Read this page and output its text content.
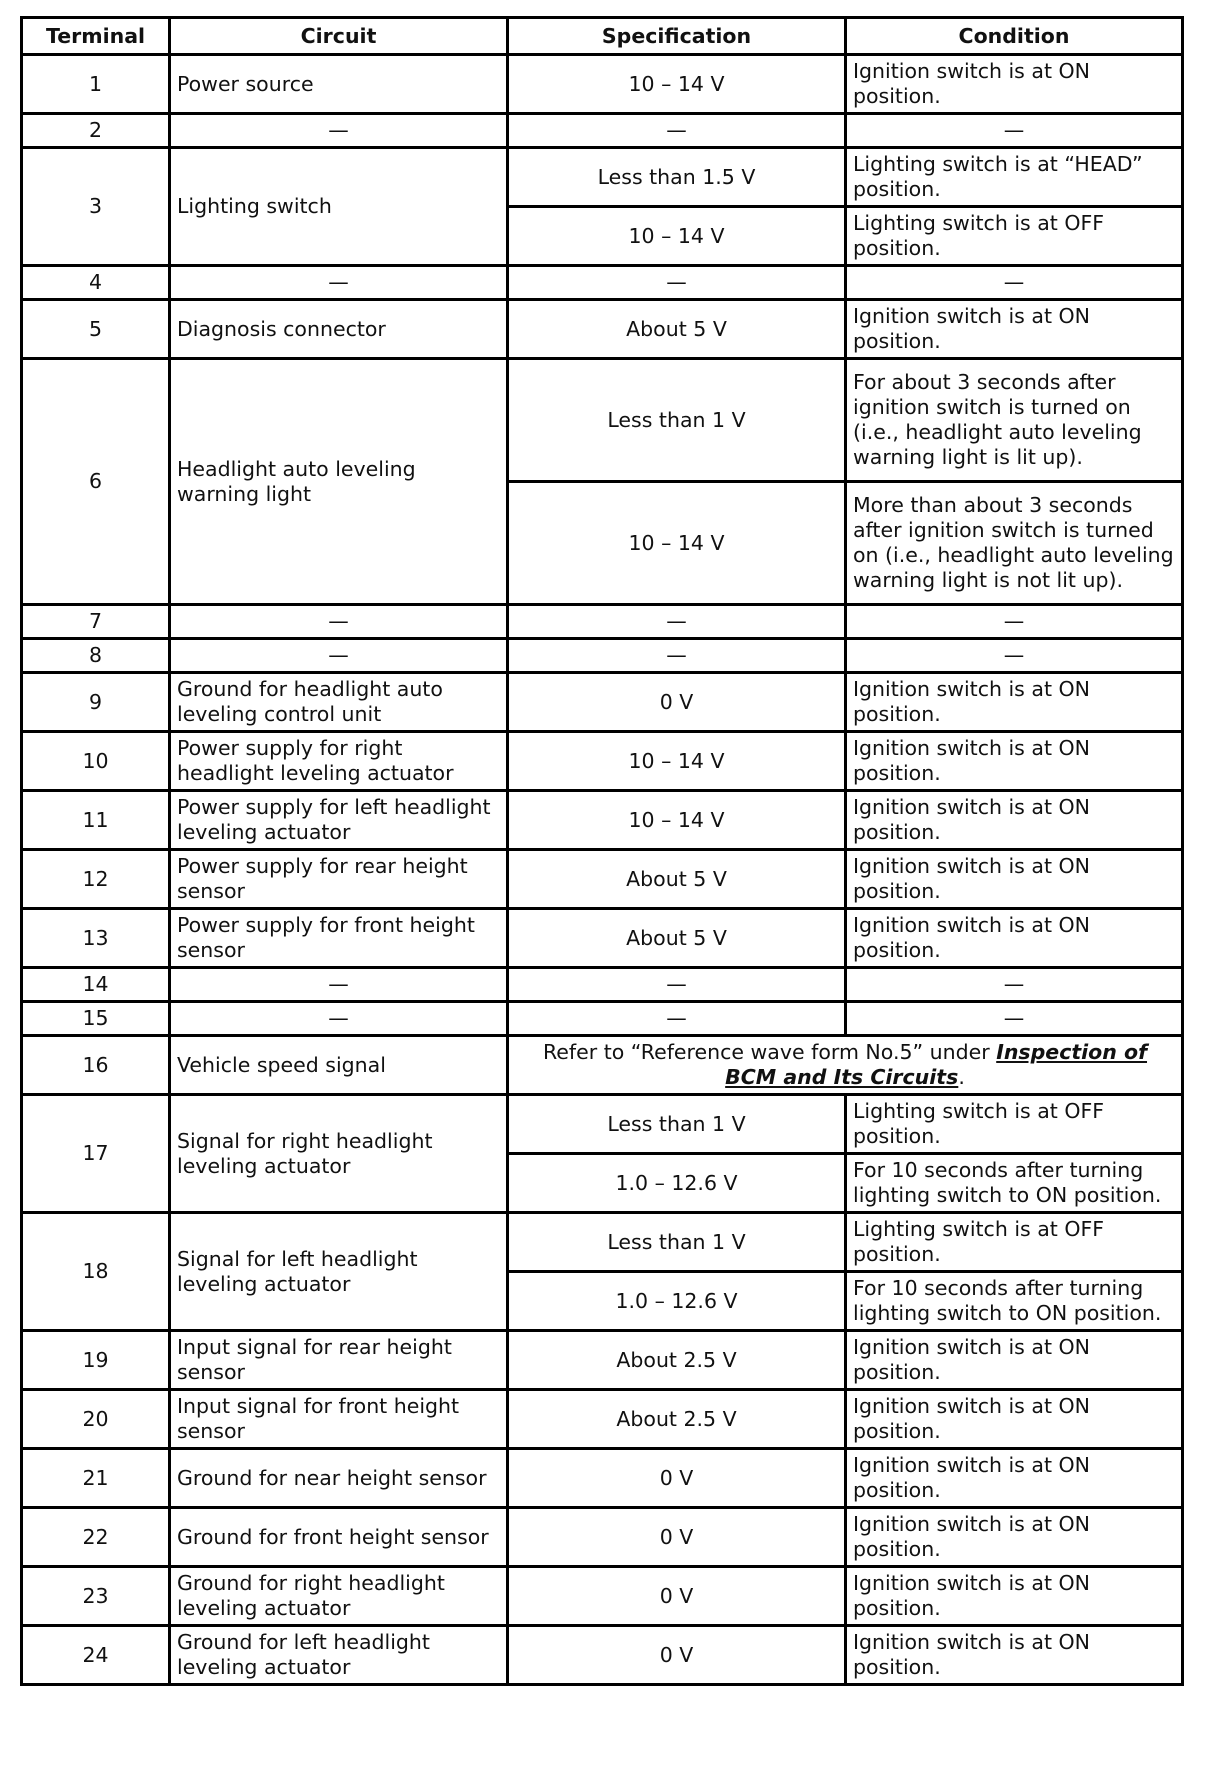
Terminal	Circuit	Specification	Condition
1	Power source	10 – 14 V	Ignition switch is at ON position.
2	—	—	—
3	Lighting switch	Less than 1.5 V	Lighting switch is at “HEAD” position.
		10 – 14 V	Lighting switch is at OFF position.
4	—	—	—
5	Diagnosis connector	About 5 V	Ignition switch is at ON position.
6	Headlight auto leveling warning light	Less than 1 V	For about 3 seconds after ignition switch is turned on (i.e., headlight auto leveling warning light is lit up).
		10 – 14 V	More than about 3 seconds after ignition switch is turned on (i.e., headlight auto leveling warning light is not lit up).
7	—	—	—
8	—	—	—
9	Ground for headlight auto leveling control unit	0 V	Ignition switch is at ON position.
10	Power supply for right headlight leveling actuator	10 – 14 V	Ignition switch is at ON position.
11	Power supply for left headlight leveling actuator	10 – 14 V	Ignition switch is at ON position.
12	Power supply for rear height sensor	About 5 V	Ignition switch is at ON position.
13	Power supply for front height sensor	About 5 V	Ignition switch is at ON position.
14	—	—	—
15	—	—	—
16	Vehicle speed signal	Refer to “Reference wave form No.5” under Inspection of BCM and Its Circuits.	
17	Signal for right headlight leveling actuator	Less than 1 V	Lighting switch is at OFF position.
		1.0 – 12.6 V	For 10 seconds after turning lighting switch to ON position.
18	Signal for left headlight leveling actuator	Less than 1 V	Lighting switch is at OFF position.
		1.0 – 12.6 V	For 10 seconds after turning lighting switch to ON position.
19	Input signal for rear height sensor	About 2.5 V	Ignition switch is at ON position.
20	Input signal for front height sensor	About 2.5 V	Ignition switch is at ON position.
21	Ground for near height sensor	0 V	Ignition switch is at ON position.
22	Ground for front height sensor	0 V	Ignition switch is at ON position.
23	Ground for right headlight leveling actuator	0 V	Ignition switch is at ON position.
24	Ground for left headlight leveling actuator	0 V	Ignition switch is at ON position.
